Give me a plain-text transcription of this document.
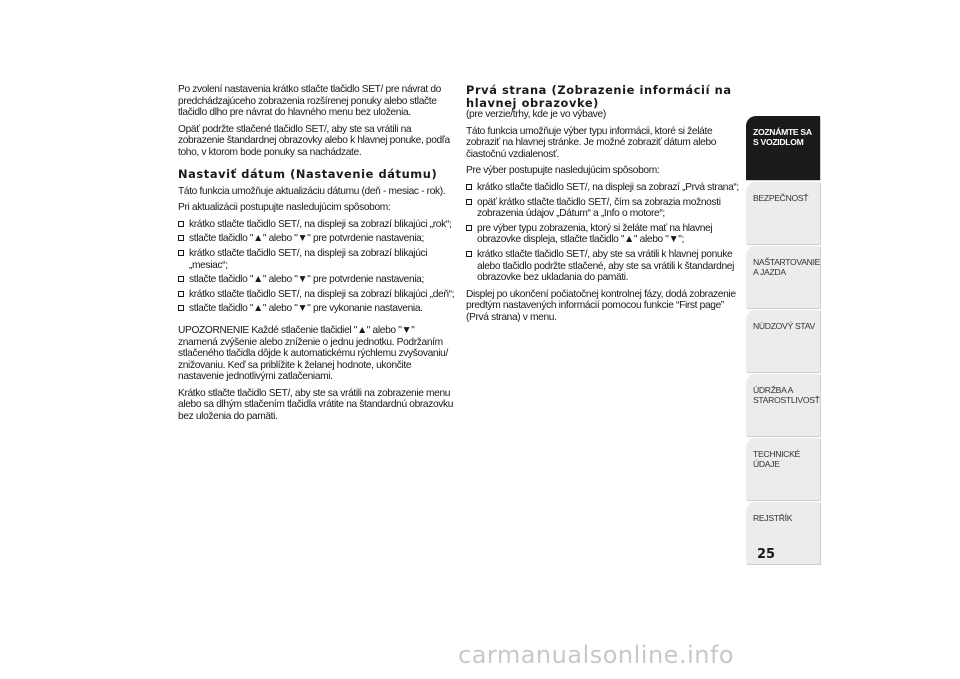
Po zvolení nastavenia krátko stlačte tlačidlo SET/ pre návrat do predchádzajúceho zobrazenia rozšírenej ponuky alebo stlačte tlačidlo dlho pre návrat do hlavného menu bez uloženia.

Opäť podržte stlačené tlačidlo SET/, aby ste sa vrátili na zobrazenie štandardnej obrazovky alebo k hlavnej ponuke, podľa toho, v ktorom bode ponuky sa nachádzate.

Nastaviť dátum (Nastavenie dátumu)

Táto funkcia umožňuje aktualizáciu dátumu (deň - mesiac - rok).

Pri aktualizácii postupujte nasledujúcim spôsobom:

krátko stlačte tlačidlo SET/, na displeji sa zobrazí blikajúci „rok“;
stlačte tlačidlo "▲" alebo "▼" pre potvrdenie nastavenia;
krátko stlačte tlačidlo SET/, na displeji sa zobrazí blikajúci „mesiac“;
stlačte tlačidlo "▲" alebo "▼" pre potvrdenie nastavenia;
krátko stlačte tlačidlo SET/, na displeji sa zobrazí blikajúci „deň“;
stlačte tlačidlo "▲" alebo "▼" pre vykonanie nastavenia.

UPOZORNENIE Každé stlačenie tlačidiel "▲" alebo "▼" znamená zvýšenie alebo zníženie o jednu jednotku. Podržaním stlačeného tlačidla dôjde k automatickému rýchlemu zvyšovaniu/ znižovaniu. Keď sa priblížite k želanej hodnote, ukončite nastavenie jednotlivými zatlačeniami.

Krátko stlačte tlačidlo SET/, aby ste sa vrátili na zobrazenie menu alebo sa dlhým stlačením tlačidla vrátite na štandardnú obrazovku bez uloženia do pamäti.

Prvá strana (Zobrazenie informácií na hlavnej obrazovke)

(pre verzie/trhy, kde je vo výbave)

Táto funkcia umožňuje výber typu informácii, ktoré si želáte zobraziť na hlavnej stránke. Je možné zobraziť dátum alebo čiastočnú vzdialenosť.

Pre výber postupujte nasledujúcim spôsobom:

krátko stlačte tlačidlo SET/, na displeji sa zobrazí „Prvá strana“;
opäť krátko stlačte tlačidlo SET/, čím sa zobrazia možnosti zobrazenia údajov „Dátum“ a „Info o motore“;
pre výber typu zobrazenia, ktorý si želáte mať na hlavnej obrazovke displeja, stlačte tlačidlo "▲" alebo "▼";
krátko stlačte tlačidlo SET/, aby ste sa vrátili k hlavnej ponuke alebo tlačidlo podržte stlačené, aby ste sa vrátili k štandardnej obrazovke bez ukladania do pamäti.

Displej po ukončení počiatočnej kontrolnej fázy, dodá zobrazenie predtým nastavených informácií pomocou funkcie “First page” (Prvá strana) v menu.

ZOZNÁMTE SA S VOZIDLOM
BEZPEČNOSŤ
NAŠTARTOVANIE A JAZDA
NÚDZOVÝ STAV
ÚDRŽBA A STAROSTLIVOSŤ
TECHNICKÉ ÚDAJE
REJSTŘÍK
25
carmanualsonline.info
